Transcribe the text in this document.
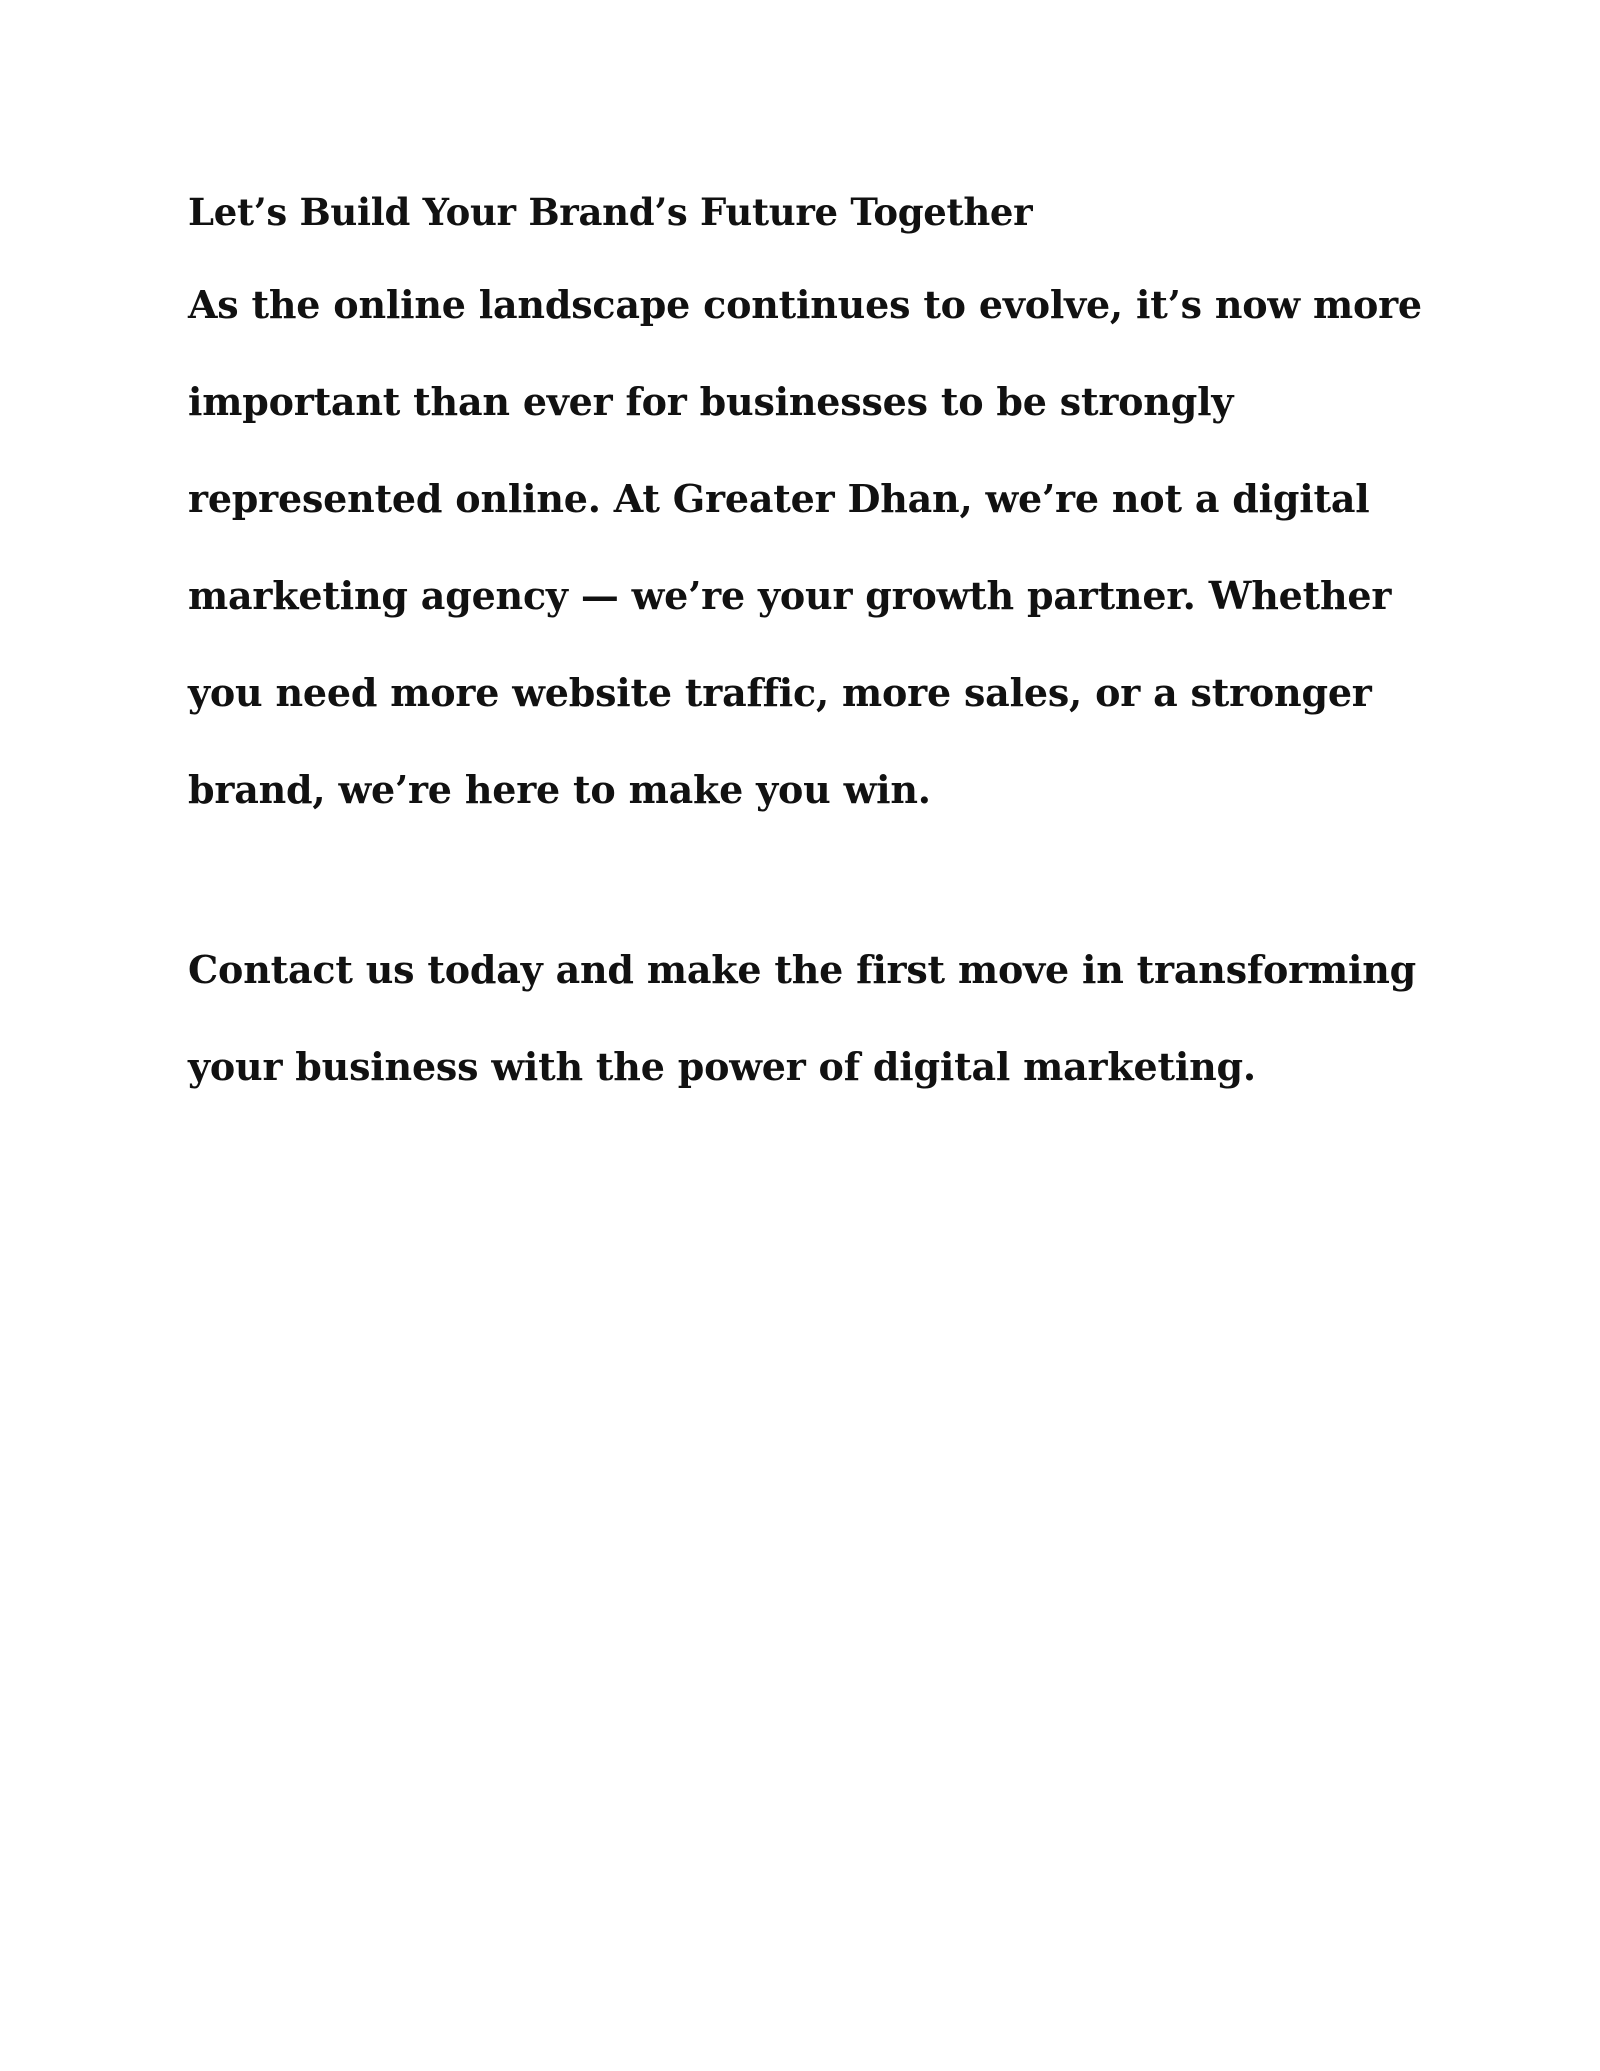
Let’s Build Your Brand’s Future Together

As the online landscape continues to evolve, it’s now more important than ever for businesses to be strongly represented online. At Greater Dhan, we’re not a digital marketing agency — we’re your growth partner. Whether you need more website traffic, more sales, or a stronger brand, we’re here to make you win.

Contact us today and make the first move in transforming your business with the power of digital marketing.
